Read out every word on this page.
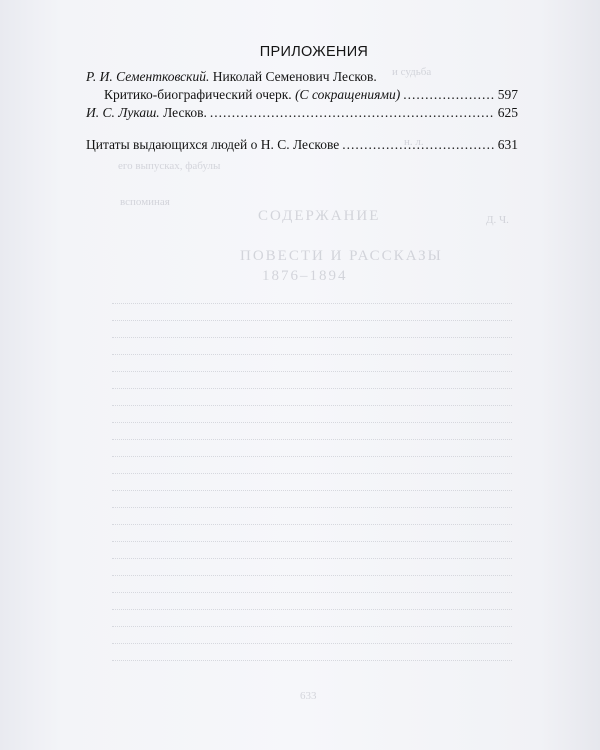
СОДЕРЖАНИЕ
ПОВЕСТИ И РАССКАЗЫ
1876–1894
и судьба
н. л.
его выпусках, фабулы
вспоминая
Д. Ч.
633
ПРИЛОЖЕНИЯ
Р. И. Сементковский. Николай Семенович Лесков.
Критико-биографический очерк. (С сокращениями) .....	597
И. С. Лукаш. Лесков. .....	625
Цитаты выдающихся людей о Н. С. Лескове .....	631
